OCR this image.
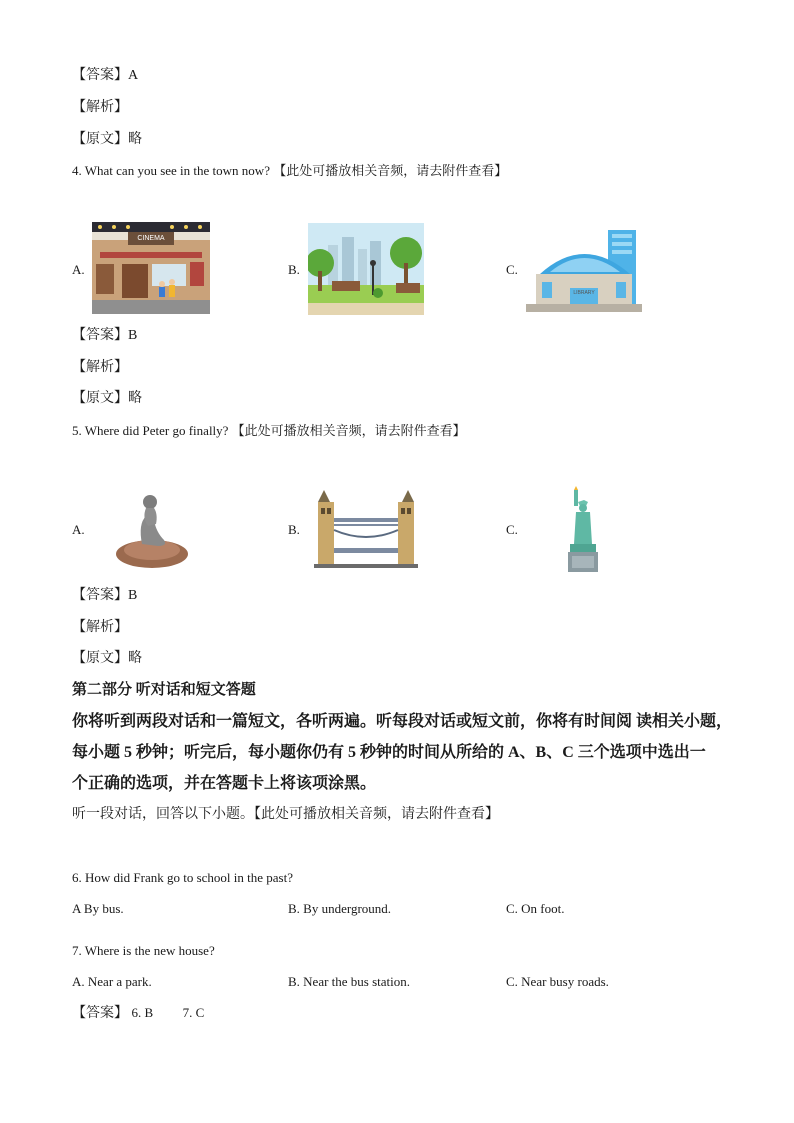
【答案】A
【解析】
【原文】略
4. What can you see in the town now? 【此处可播放相关音频，请去附件查看】
A.
CINEMA
B.	C.
LIBRARY
【答案】B
【解析】
【原文】略
5. Where did Peter go finally? 【此处可播放相关音频，请去附件查看】
A.	B.	C.
【答案】B
【解析】
【原文】略
第二部分 听对话和短文答题
你将听到两段对话和一篇短文，各听两遍。听每段对话或短文前，你将有时间阅 读相关小题，
每小题 5 秒钟；听完后，每小题你仍有 5 秒钟的时间从所给的 A、B、C 三个选项中选出一
个正确的选项，并在答题卡上将该项涂黑。
听一段对话，回答以下小题。【此处可播放相关音频，请去附件查看】
6. How did Frank go to school in the past?
A By bus.	B. By underground.	C. On foot.
7. Where is the new house?
A. Near a park.	B. Near the bus station.	C. Near busy roads.
【答案】 6. B 7. C
